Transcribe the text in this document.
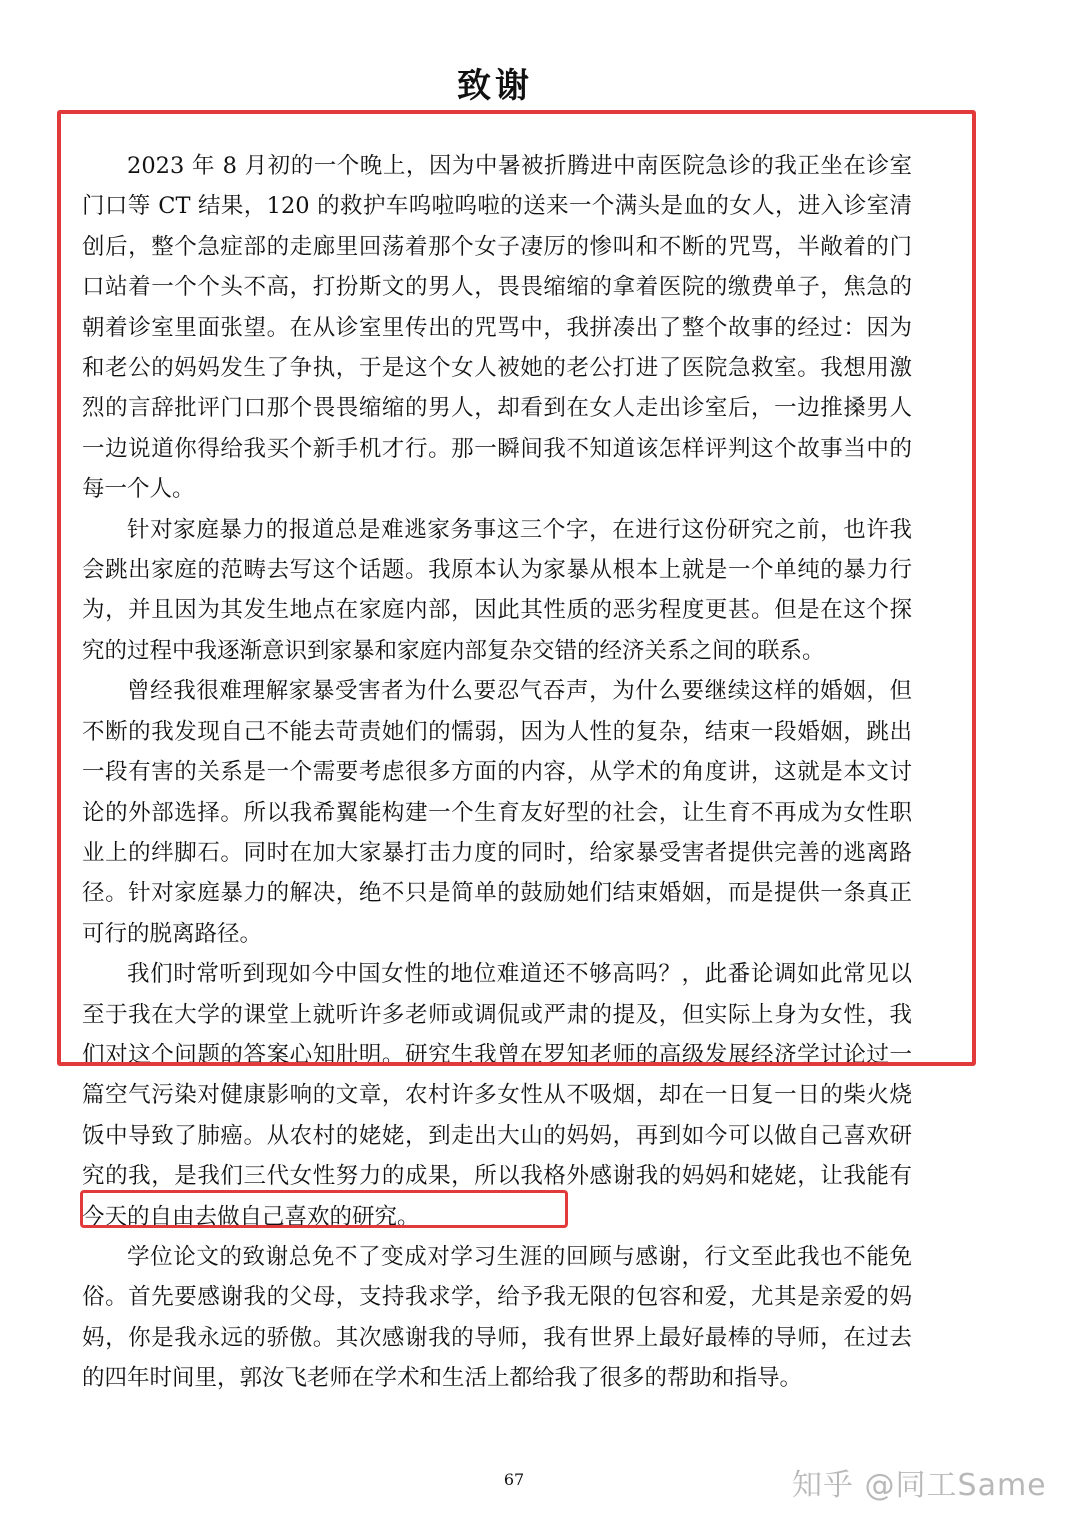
致谢

2023 年 8 月初的一个晚上，因为中暑被折腾进中南医院急诊的我正坐在诊室门口等 CT 结果，120 的救护车呜啦呜啦的送来一个满头是血的女人，进入诊室清创后，整个急症部的走廊里回荡着那个女子凄厉的惨叫和不断的咒骂，半敞着的门口站着一个个头不高，打扮斯文的男人，畏畏缩缩的拿着医院的缴费单子，焦急的朝着诊室里面张望。在从诊室里传出的咒骂中，我拼凑出了整个故事的经过：因为和老公的妈妈发生了争执，于是这个女人被她的老公打进了医院急救室。我想用激烈的言辞批评门口那个畏畏缩缩的男人，却看到在女人走出诊室后，一边推搡男人一边说道你得给我买个新手机才行。那一瞬间我不知道该怎样评判这个故事当中的每一个人。

针对家庭暴力的报道总是难逃家务事这三个字，在进行这份研究之前，也许我会跳出家庭的范畴去写这个话题。我原本认为家暴从根本上就是一个单纯的暴力行为，并且因为其发生地点在家庭内部，因此其性质的恶劣程度更甚。但是在这个探究的过程中我逐渐意识到家暴和家庭内部复杂交错的经济关系之间的联系。

曾经我很难理解家暴受害者为什么要忍气吞声，为什么要继续这样的婚姻，但不断的我发现自己不能去苛责她们的懦弱，因为人性的复杂，结束一段婚姻，跳出一段有害的关系是一个需要考虑很多方面的内容，从学术的角度讲，这就是本文讨论的外部选择。所以我希翼能构建一个生育友好型的社会，让生育不再成为女性职业上的绊脚石。同时在加大家暴打击力度的同时，给家暴受害者提供完善的逃离路径。针对家庭暴力的解决，绝不只是简单的鼓励她们结束婚姻，而是提供一条真正可行的脱离路径。

我们时常听到现如今中国女性的地位难道还不够高吗？，此番论调如此常见以至于我在大学的课堂上就听许多老师或调侃或严肃的提及，但实际上身为女性，我们对这个问题的答案心知肚明。研究生我曾在罗知老师的高级发展经济学讨论过一篇空气污染对健康影响的文章，农村许多女性从不吸烟，却在一日复一日的柴火烧饭中导致了肺癌。从农村的姥姥，到走出大山的妈妈，再到如今可以做自己喜欢研究的我，是我们三代女性努力的成果，所以我格外感谢我的妈妈和姥姥，让我能有今天的自由去做自己喜欢的研究。

学位论文的致谢总免不了变成对学习生涯的回顾与感谢，行文至此我也不能免俗。首先要感谢我的父母，支持我求学，给予我无限的包容和爱，尤其是亲爱的妈妈，你是我永远的骄傲。其次感谢我的导师，我有世界上最好最棒的导师，在过去的四年时间里，郭汝飞老师在学术和生活上都给我了很多的帮助和指导。

67	知乎 @同工Same
